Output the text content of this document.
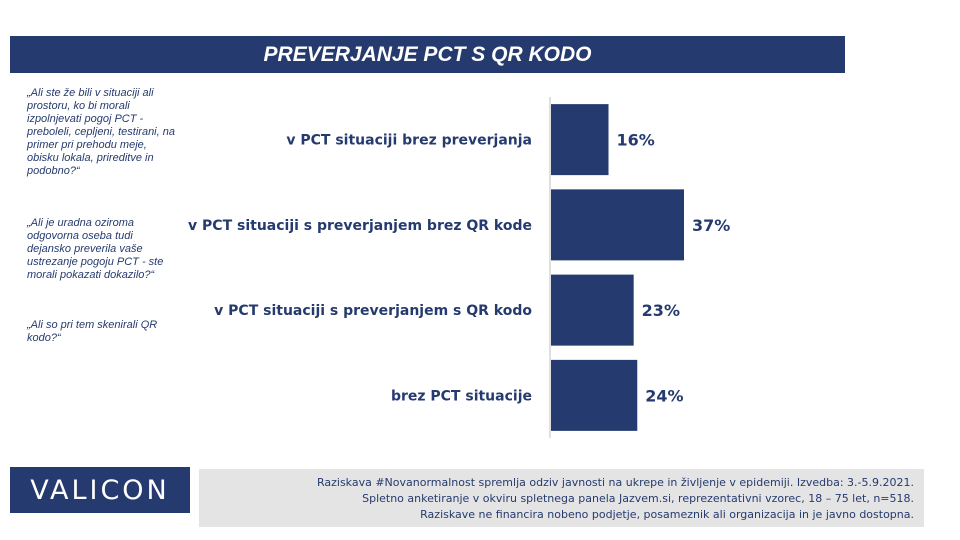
PREVERJANJE PCT S QR KODO
„Ali ste že bili v situaciji ali prostoru, ko bi morali izpolnjevati pogoj PCT - preboleli, cepljeni, testirani, na primer pri prehodu meje, obisku lokala, prireditve in podobno?“
„Ali je uradna oziroma odgovorna oseba tudi dejansko preverila vaše ustrezanje pogoju PCT - ste morali pokazati dokazilo?“
„Ali so pri tem skenirali QR kodo?“
v PCT situaciji brez preverjanja	16%
v PCT situaciji s preverjanjem brez QR kode	37%
v PCT situaciji s preverjanjem s QR kodo	23%
brez PCT situacije	24%
VALICON	Raziskava #Novanormalnost spremlja odziv javnosti na ukrepe in življenje v epidemiji. Izvedba: 3.-5.9.2021.
Spletno anketiranje v okviru spletnega panela Jazvem.si, reprezentativni vzorec, 18 – 75 let, n=518.
Raziskave ne financira nobeno podjetje, posameznik ali organizacija in je javno dostopna.
